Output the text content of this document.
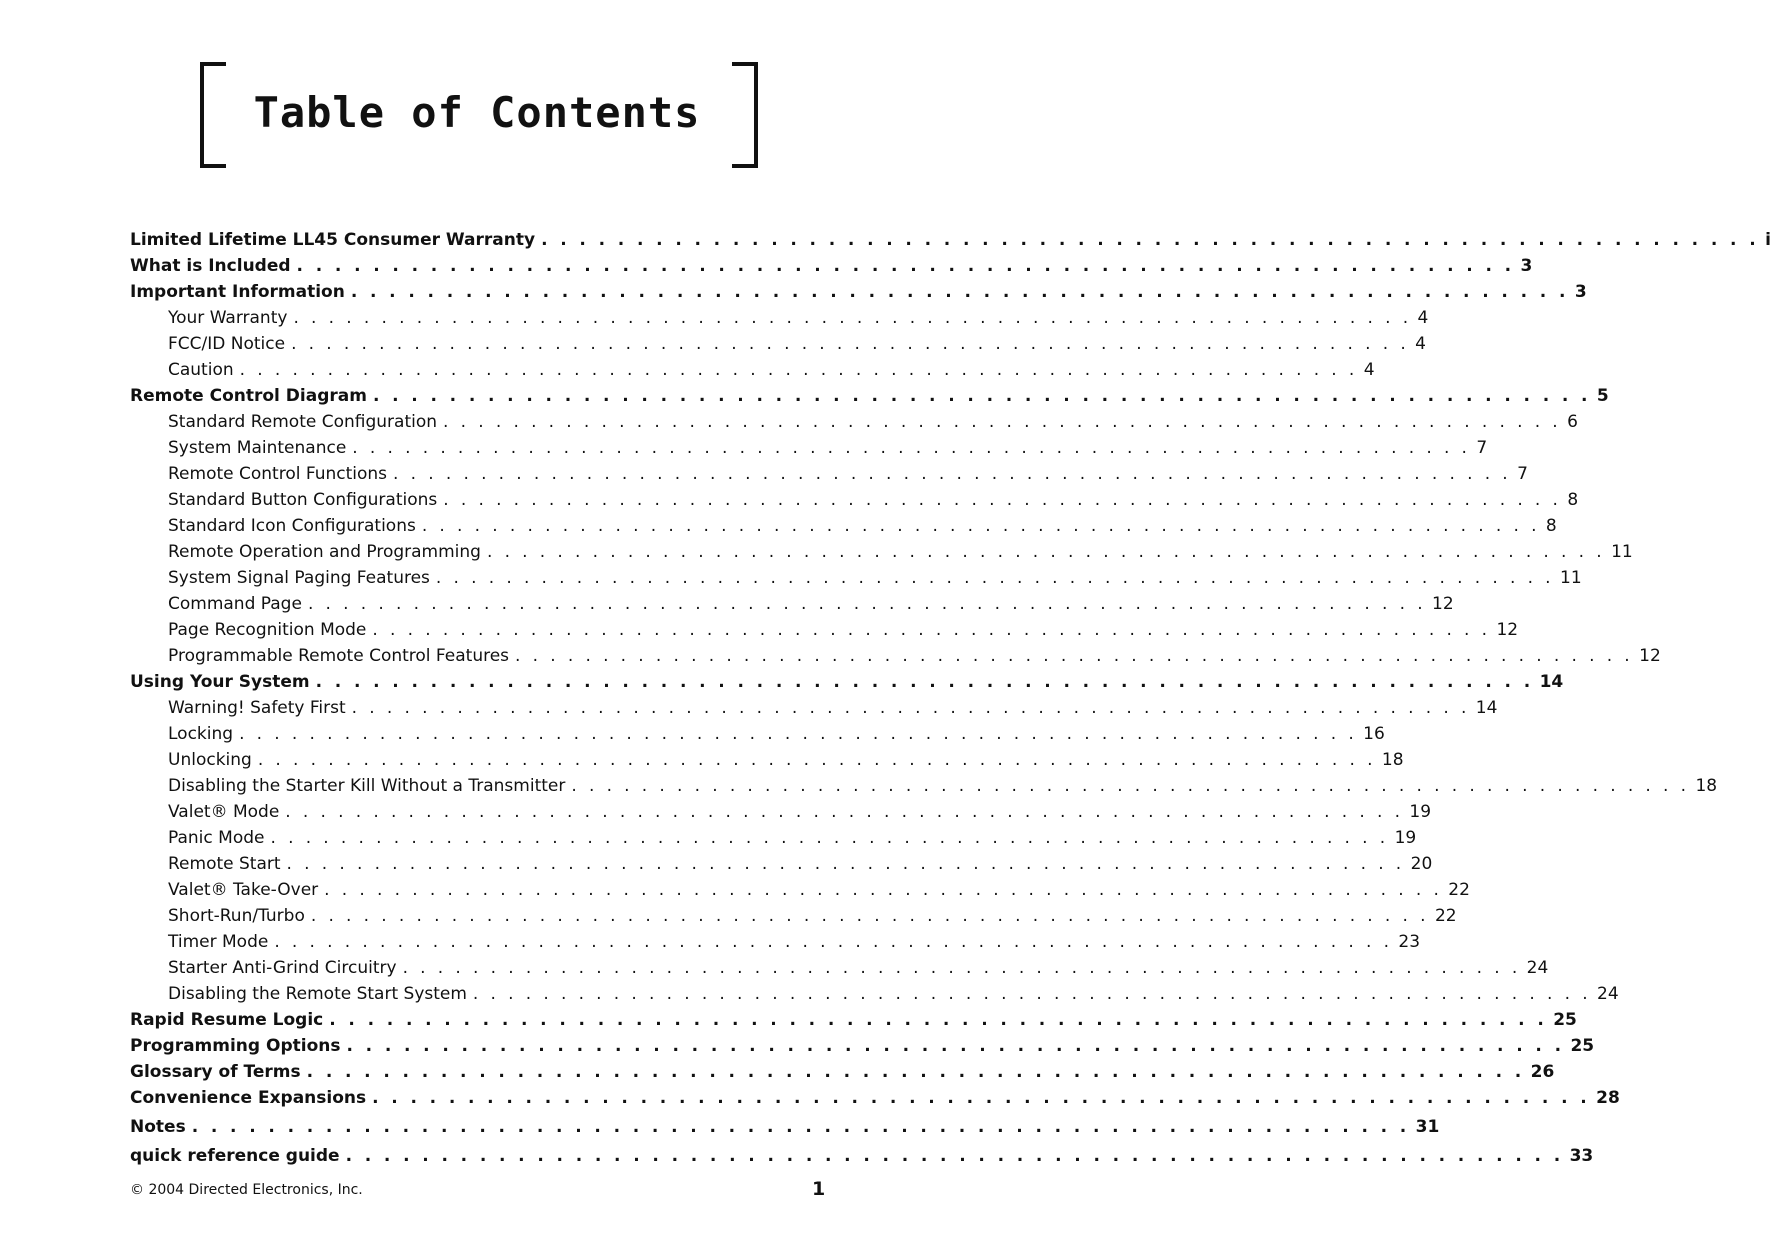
Table of Contents
Limited Lifetime LL45 Consumer Warranty . . . . . . . . . . . . . . . . . . . . . . . . . . . . . . . . . . . . . . . . . . . . . . . . . . . . . . . . . . . . . . . . i
What is Included . . . . . . . . . . . . . . . . . . . . . . . . . . . . . . . . . . . . . . . . . . . . . . . . . . . . . . . . . . . . . . . . 3
Important Information . . . . . . . . . . . . . . . . . . . . . . . . . . . . . . . . . . . . . . . . . . . . . . . . . . . . . . . . . . . . . . . . 3
Your Warranty . . . . . . . . . . . . . . . . . . . . . . . . . . . . . . . . . . . . . . . . . . . . . . . . . . . . . . . . . . . . . . . . 4
FCC/ID Notice . . . . . . . . . . . . . . . . . . . . . . . . . . . . . . . . . . . . . . . . . . . . . . . . . . . . . . . . . . . . . . . . 4
Caution . . . . . . . . . . . . . . . . . . . . . . . . . . . . . . . . . . . . . . . . . . . . . . . . . . . . . . . . . . . . . . . . 4
Remote Control Diagram . . . . . . . . . . . . . . . . . . . . . . . . . . . . . . . . . . . . . . . . . . . . . . . . . . . . . . . . . . . . . . . . 5
Standard Remote Configuration . . . . . . . . . . . . . . . . . . . . . . . . . . . . . . . . . . . . . . . . . . . . . . . . . . . . . . . . . . . . . . . . 6
System Maintenance . . . . . . . . . . . . . . . . . . . . . . . . . . . . . . . . . . . . . . . . . . . . . . . . . . . . . . . . . . . . . . . . 7
Remote Control Functions . . . . . . . . . . . . . . . . . . . . . . . . . . . . . . . . . . . . . . . . . . . . . . . . . . . . . . . . . . . . . . . . 7
Standard Button Configurations . . . . . . . . . . . . . . . . . . . . . . . . . . . . . . . . . . . . . . . . . . . . . . . . . . . . . . . . . . . . . . . . 8
Standard Icon Configurations . . . . . . . . . . . . . . . . . . . . . . . . . . . . . . . . . . . . . . . . . . . . . . . . . . . . . . . . . . . . . . . . 8
Remote Operation and Programming . . . . . . . . . . . . . . . . . . . . . . . . . . . . . . . . . . . . . . . . . . . . . . . . . . . . . . . . . . . . . . . . 11
System Signal Paging Features . . . . . . . . . . . . . . . . . . . . . . . . . . . . . . . . . . . . . . . . . . . . . . . . . . . . . . . . . . . . . . . . 11
Command Page . . . . . . . . . . . . . . . . . . . . . . . . . . . . . . . . . . . . . . . . . . . . . . . . . . . . . . . . . . . . . . . . 12
Page Recognition Mode . . . . . . . . . . . . . . . . . . . . . . . . . . . . . . . . . . . . . . . . . . . . . . . . . . . . . . . . . . . . . . . . 12
Programmable Remote Control Features . . . . . . . . . . . . . . . . . . . . . . . . . . . . . . . . . . . . . . . . . . . . . . . . . . . . . . . . . . . . . . . . 12
Using Your System . . . . . . . . . . . . . . . . . . . . . . . . . . . . . . . . . . . . . . . . . . . . . . . . . . . . . . . . . . . . . . . . 14
Warning! Safety First . . . . . . . . . . . . . . . . . . . . . . . . . . . . . . . . . . . . . . . . . . . . . . . . . . . . . . . . . . . . . . . . 14
Locking . . . . . . . . . . . . . . . . . . . . . . . . . . . . . . . . . . . . . . . . . . . . . . . . . . . . . . . . . . . . . . . . 16
Unlocking . . . . . . . . . . . . . . . . . . . . . . . . . . . . . . . . . . . . . . . . . . . . . . . . . . . . . . . . . . . . . . . . 18
Disabling the Starter Kill Without a Transmitter . . . . . . . . . . . . . . . . . . . . . . . . . . . . . . . . . . . . . . . . . . . . . . . . . . . . . . . . . . . . . . . . 18
Valet® Mode . . . . . . . . . . . . . . . . . . . . . . . . . . . . . . . . . . . . . . . . . . . . . . . . . . . . . . . . . . . . . . . . 19
Panic Mode . . . . . . . . . . . . . . . . . . . . . . . . . . . . . . . . . . . . . . . . . . . . . . . . . . . . . . . . . . . . . . . . 19
Remote Start . . . . . . . . . . . . . . . . . . . . . . . . . . . . . . . . . . . . . . . . . . . . . . . . . . . . . . . . . . . . . . . . 20
Valet® Take-Over . . . . . . . . . . . . . . . . . . . . . . . . . . . . . . . . . . . . . . . . . . . . . . . . . . . . . . . . . . . . . . . . 22
Short-Run/Turbo . . . . . . . . . . . . . . . . . . . . . . . . . . . . . . . . . . . . . . . . . . . . . . . . . . . . . . . . . . . . . . . . 22
Timer Mode . . . . . . . . . . . . . . . . . . . . . . . . . . . . . . . . . . . . . . . . . . . . . . . . . . . . . . . . . . . . . . . . 23
Starter Anti-Grind Circuitry . . . . . . . . . . . . . . . . . . . . . . . . . . . . . . . . . . . . . . . . . . . . . . . . . . . . . . . . . . . . . . . . 24
Disabling the Remote Start System . . . . . . . . . . . . . . . . . . . . . . . . . . . . . . . . . . . . . . . . . . . . . . . . . . . . . . . . . . . . . . . . 24
Rapid Resume Logic . . . . . . . . . . . . . . . . . . . . . . . . . . . . . . . . . . . . . . . . . . . . . . . . . . . . . . . . . . . . . . . . 25
Programming Options . . . . . . . . . . . . . . . . . . . . . . . . . . . . . . . . . . . . . . . . . . . . . . . . . . . . . . . . . . . . . . . . 25
Glossary of Terms . . . . . . . . . . . . . . . . . . . . . . . . . . . . . . . . . . . . . . . . . . . . . . . . . . . . . . . . . . . . . . . . 26
Convenience Expansions . . . . . . . . . . . . . . . . . . . . . . . . . . . . . . . . . . . . . . . . . . . . . . . . . . . . . . . . . . . . . . . . 28
Notes . . . . . . . . . . . . . . . . . . . . . . . . . . . . . . . . . . . . . . . . . . . . . . . . . . . . . . . . . . . . . . . . 31
quick reference guide . . . . . . . . . . . . . . . . . . . . . . . . . . . . . . . . . . . . . . . . . . . . . . . . . . . . . . . . . . . . . . . . 33
© 2004 Directed Electronics, Inc.	1
